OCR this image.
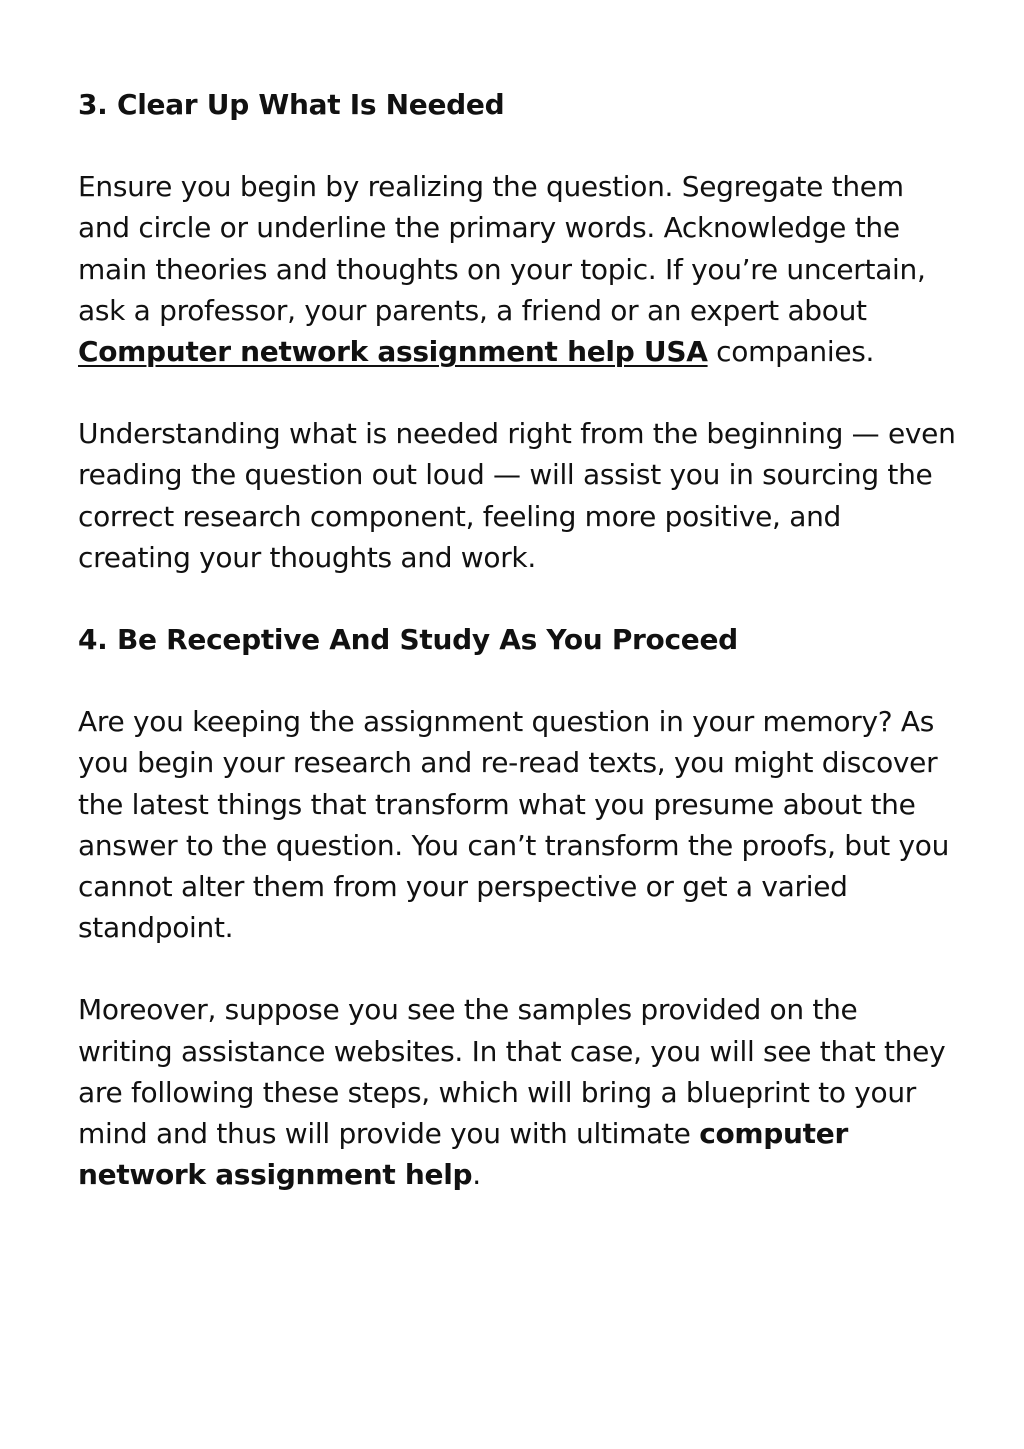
3. Clear Up What Is Needed
Ensure you begin by realizing the question. Segregate them and circle or underline the primary words. Acknowledge the main theories and thoughts on your topic. If you’re uncertain, ask a professor, your parents, a friend or an expert about Computer network assignment help USA companies.
Understanding what is needed right from the beginning — even reading the question out loud — will assist you in sourcing the correct research component, feeling more positive, and creating your thoughts and work.
4. Be Receptive And Study As You Proceed
Are you keeping the assignment question in your memory? As you begin your research and re-read texts, you might discover the latest things that transform what you presume about the answer to the question. You can’t transform the proofs, but you cannot alter them from your perspective or get a varied standpoint.
Moreover, suppose you see the samples provided on the writing assistance websites. In that case, you will see that they are following these steps, which will bring a blueprint to your mind and thus will provide you with ultimate computer network assignment help.
